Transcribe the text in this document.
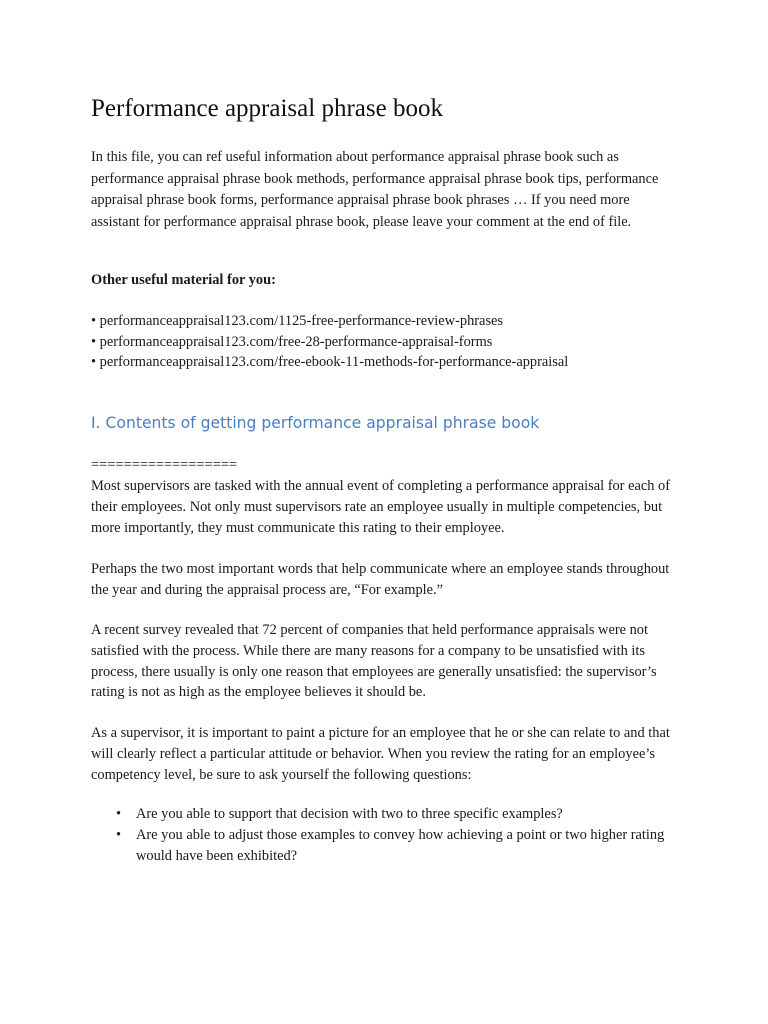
Performance appraisal phrase book

In this file, you can ref useful information about performance appraisal phrase book such as performance appraisal phrase book methods, performance appraisal phrase book tips, performance appraisal phrase book forms, performance appraisal phrase book phrases … If you need more assistant for performance appraisal phrase book, please leave your comment at the end of file.

Other useful material for you:

• performanceappraisal123.com/1125-free-performance-review-phrases
• performanceappraisal123.com/free-28-performance-appraisal-forms
• performanceappraisal123.com/free-ebook-11-methods-for-performance-appraisal
I. Contents of getting performance appraisal phrase book

==================

Most supervisors are tasked with the annual event of completing a performance appraisal for each of their employees. Not only must supervisors rate an employee usually in multiple competencies, but more importantly, they must communicate this rating to their employee.

Perhaps the two most important words that help communicate where an employee stands throughout the year and during the appraisal process are, “For example.”

A recent survey revealed that 72 percent of companies that held performance appraisals were not satisfied with the process. While there are many reasons for a company to be unsatisfied with its process, there usually is only one reason that employees are generally unsatisfied: the supervisor’s rating is not as high as the employee believes it should be.

As a supervisor, it is important to paint a picture for an employee that he or she can relate to and that will clearly reflect a particular attitude or behavior. When you review the rating for an employee’s competency level, be sure to ask yourself the following questions:

• Are you able to support that decision with two to three specific examples?
• Are you able to adjust those examples to convey how achieving a point or two higher rating would have been exhibited?
